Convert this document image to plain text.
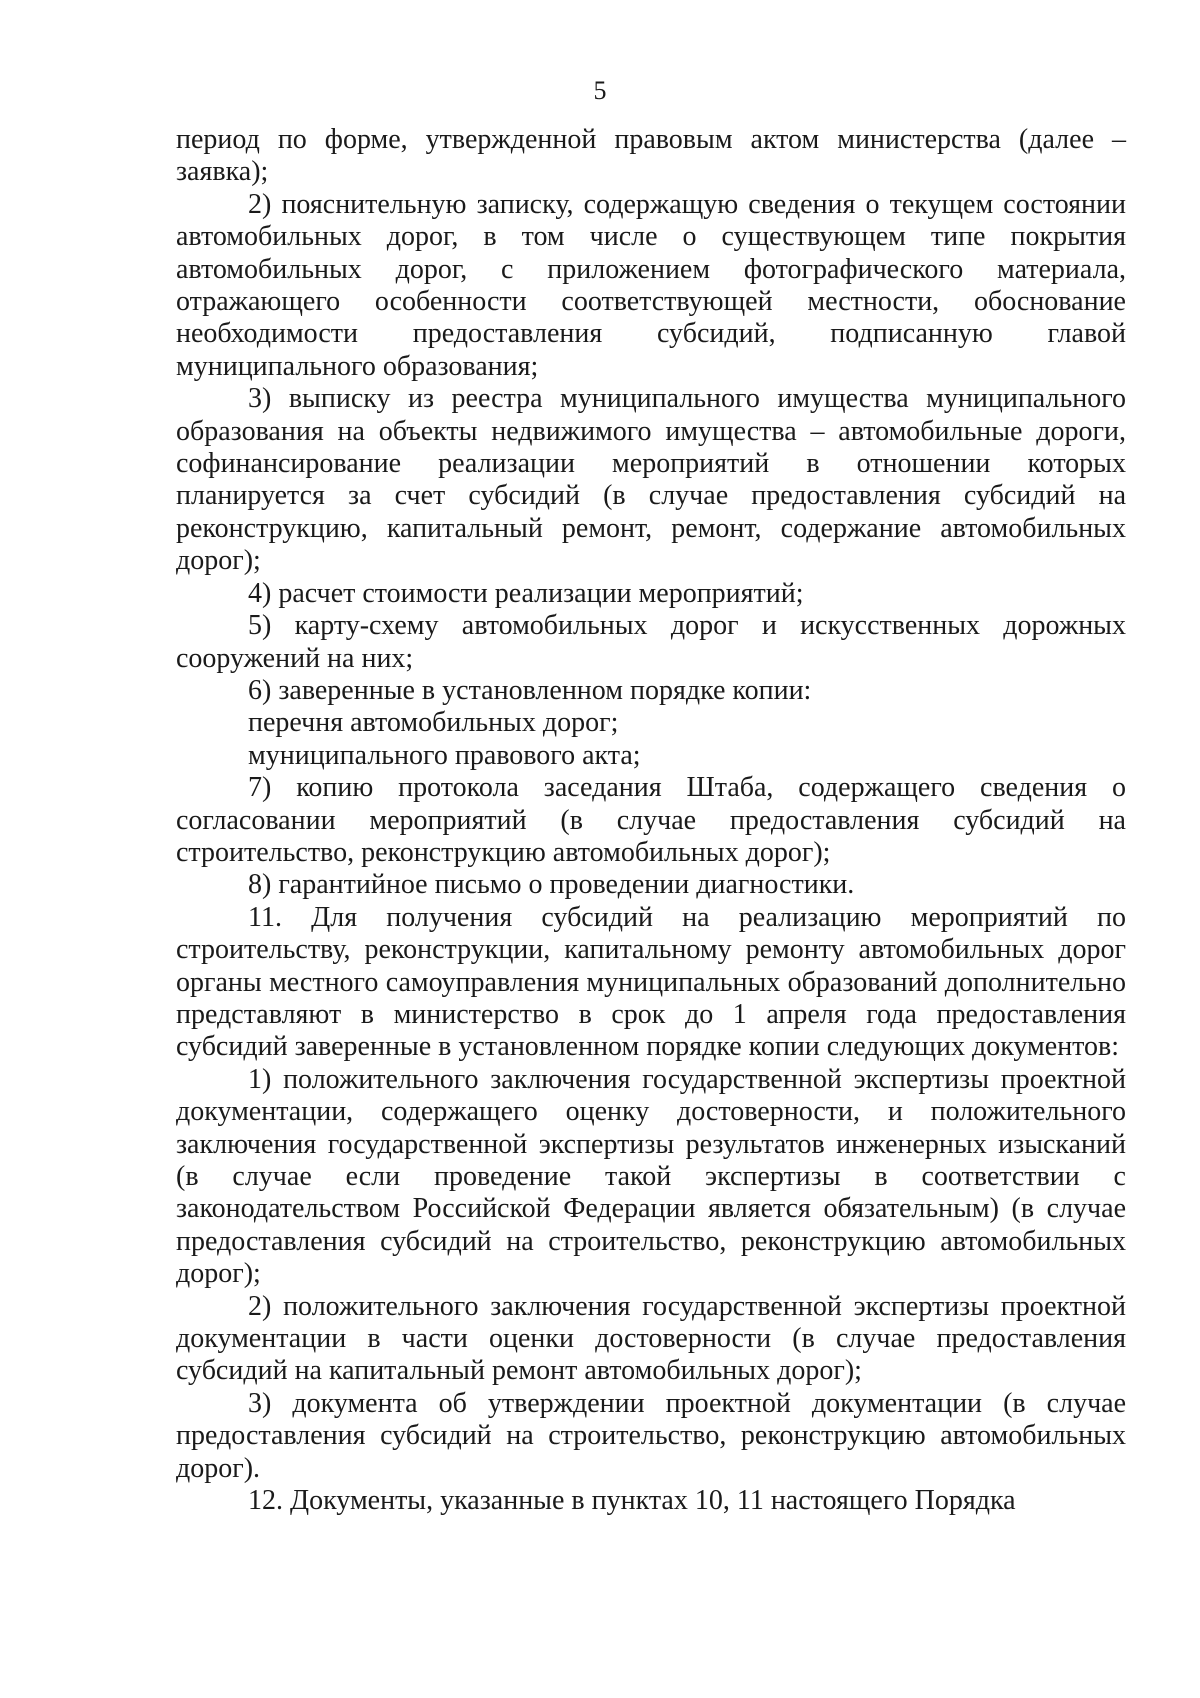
5

период по форме, утвержденной правовым актом министерства (далее – заявка);

2) пояснительную записку, содержащую сведения о текущем состоянии автомобильных дорог, в том числе о существующем типе покрытия автомобильных дорог, с приложением фотографического материала, отражающего особенности соответствующей местности, обоснование необходимости предоставления субсидий, подписанную главой муниципального образования;

3) выписку из реестра муниципального имущества муниципального образования на объекты недвижимого имущества – автомобильные дороги, софинансирование реализации мероприятий в отношении которых планируется за счет субсидий (в случае предоставления субсидий на реконструкцию, капитальный ремонт, ремонт, содержание автомобильных дорог);

4) расчет стоимости реализации мероприятий;

5) карту-схему автомобильных дорог и искусственных дорожных сооружений на них;

6) заверенные в установленном порядке копии:

перечня автомобильных дорог;

муниципального правового акта;

7) копию протокола заседания Штаба, содержащего сведения о согласовании мероприятий (в случае предоставления субсидий на строительство, реконструкцию автомобильных дорог);

8) гарантийное письмо о проведении диагностики.

11. Для получения субсидий на реализацию мероприятий по строительству, реконструкции, капитальному ремонту автомобильных дорог органы местного самоуправления муниципальных образований дополнительно представляют в министерство в срок до 1 апреля года предоставления субсидий заверенные в установленном порядке копии следующих документов:

1) положительного заключения государственной экспертизы проектной документации, содержащего оценку достоверности, и положительного заключения государственной экспертизы результатов инженерных изысканий (в случае если проведение такой экспертизы в соответствии с законодательством Российской Федерации является обязательным) (в случае предоставления субсидий на строительство, реконструкцию автомобильных дорог);

2) положительного заключения государственной экспертизы проектной документации в части оценки достоверности (в случае предоставления субсидий на капитальный ремонт автомобильных дорог);

3) документа об утверждении проектной документации (в случае предоставления субсидий на строительство, реконструкцию автомобильных дорог).

12. Документы, указанные в пунктах 10, 11 настоящего Порядка
